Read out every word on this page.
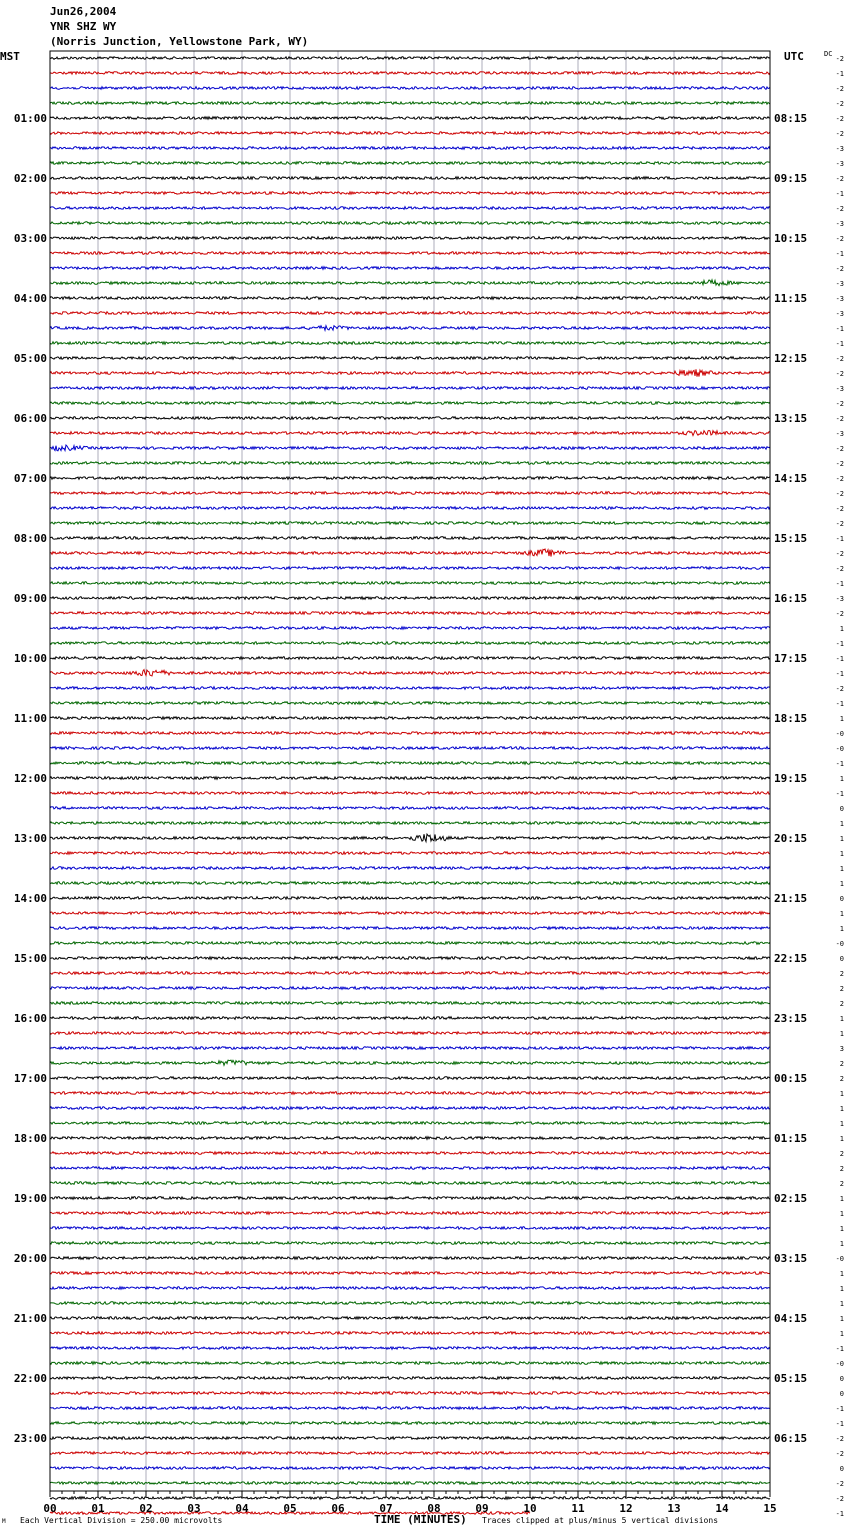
Jun26,2004
YNR SHZ WY
(Norris Junction, Yellowstone Park, WY)
MST	UTC	DC
01:00
02:00
03:00
04:00
05:00
06:00
07:00
08:00
09:00
10:00
11:00
12:00
13:00
14:00
15:00
16:00
17:00
18:00
19:00
20:00
21:00
22:00
23:00
08:15
09:15
10:15
11:15
12:15
13:15
14:15
15:15
16:15
17:15
18:15
19:15
20:15
21:15
22:15
23:15
00:15
01:15
02:15
03:15
04:15
05:15
06:15
-2
-1
-2
-2
-2
-2
-3
-3
-2
-1
-2
-3
-2
-1
-2
-3
-3
-3
-1
-1
-2
-2
-3
-2
-2
-3
-2
-2
-2
-2
-2
-2
-1
-2
-2
-1
-3
-2
1
-1
-1
-1
-2
-1
1
-0
-0
-1
1
-1
0
1
1
1
1
1
0
1
1
-0
0
2
2
2
1
1
3
2
2
1
1
1
1
2
2
2
1
1
1
1
-0
1
1
1
1
1
-1
-0
0
0
-1
-1
-2
-2
0
-2
-2
-1
00	01	02	03	04	05	06	07	08	09	10	11	12	13	14	15
M Each Vertical Division = 250.00 microvolts	TIME (MINUTES) Traces clipped at plus/minus 5 vertical divisions
